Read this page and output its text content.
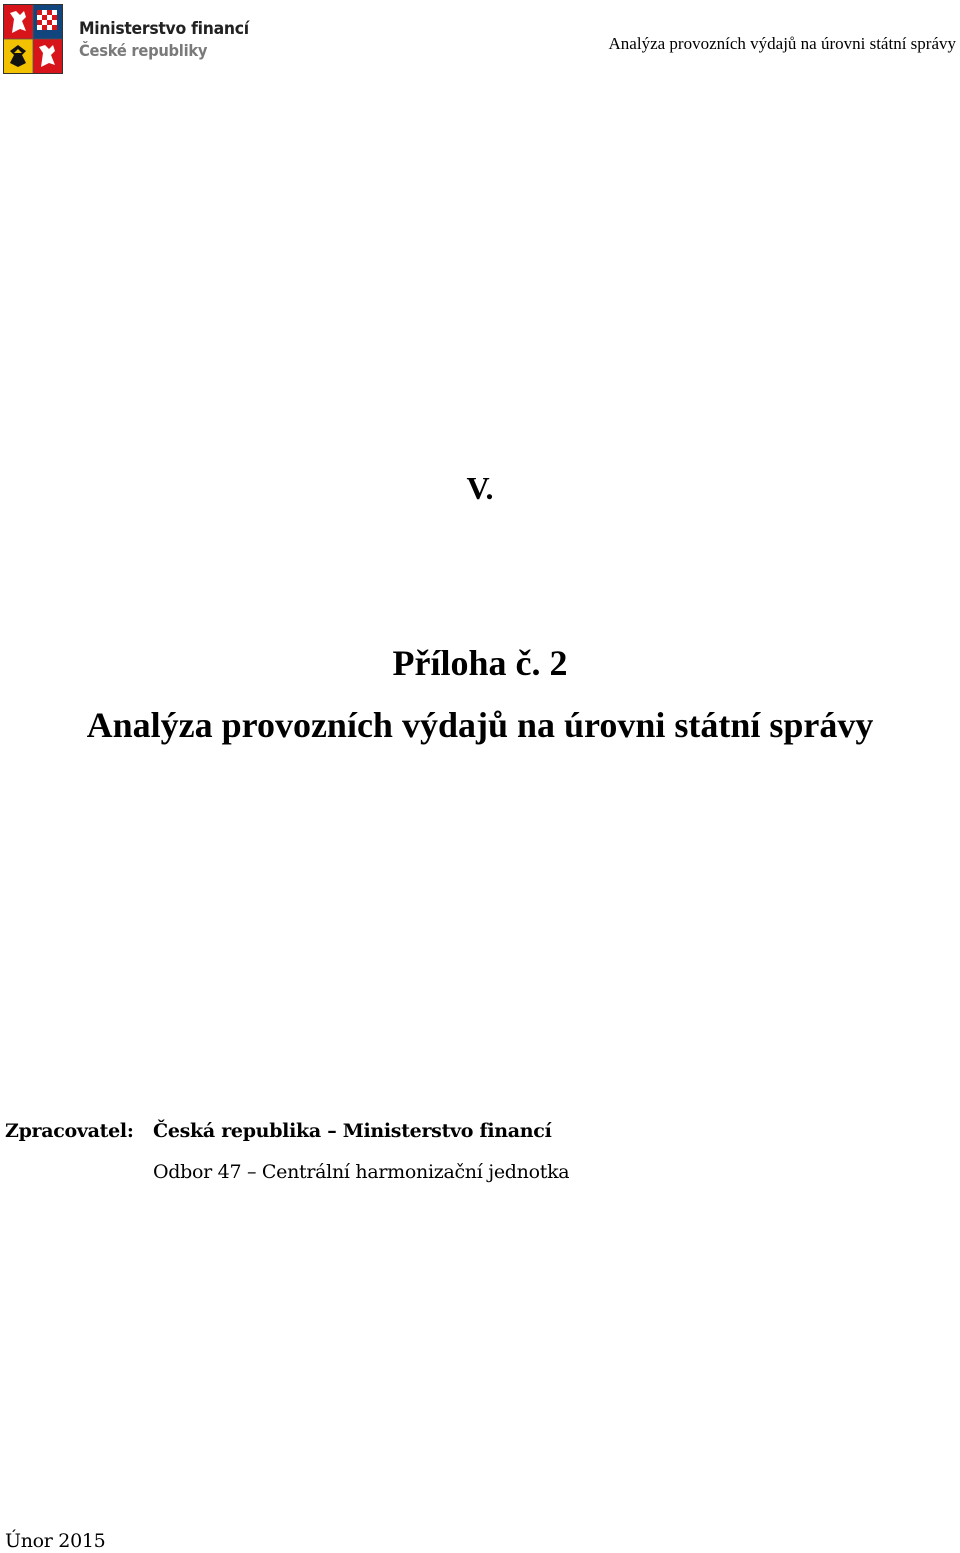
Ministerstvo financí
České republiky	Analýza provozních výdajů na úrovni státní správy
V.
Příloha č. 2
Analýza provozních výdajů na úrovni státní správy
Zpracovatel: Česká republika – Ministerstvo financí
Odbor 47 – Centrální harmonizační jednotka
Únor 2015
